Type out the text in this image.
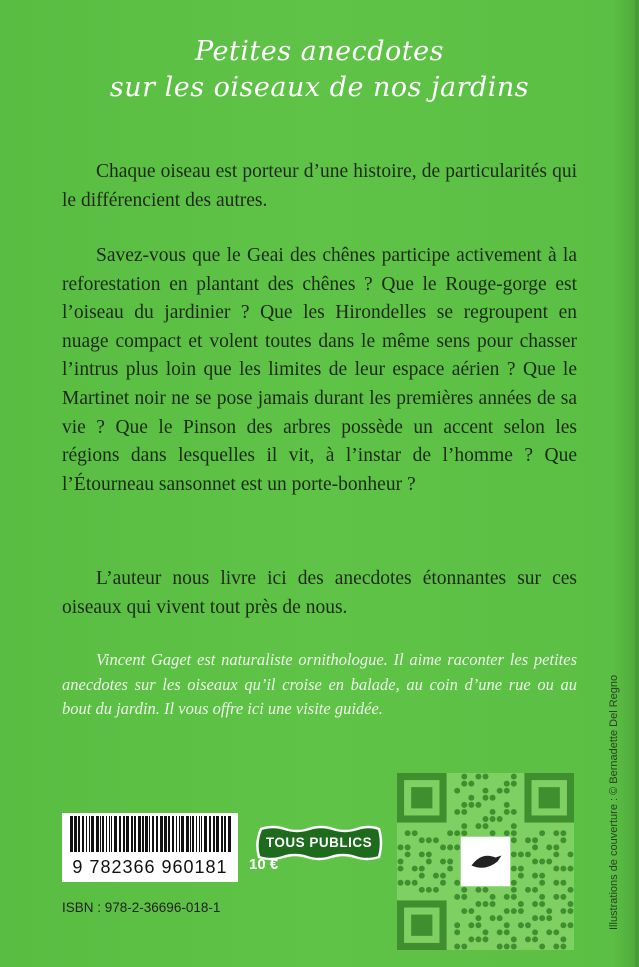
Petites anecdotes
sur les oiseaux de nos jardins

Chaque oiseau est porteur d’une histoire, de particularités qui le différencient des autres.

Savez-vous que le Geai des chênes participe activement à la reforestation en plantant des chênes ? Que le Rouge-gorge est l’oiseau du jardinier ? Que les Hirondelles se regroupent en nuage compact et volent toutes dans le même sens pour chasser l’intrus plus loin que les limites de leur espace aérien ? Que le Martinet noir ne se pose jamais durant les premières années de sa vie ? Que le Pinson des arbres possède un accent selon les régions dans lesquelles il vit, à l’instar de l’homme ? Que l’Étourneau sansonnet est un porte-bonheur ?

L’auteur nous livre ici des anecdotes étonnantes sur ces oiseaux qui vivent tout près de nous.

Vincent Gaget est naturaliste ornithologue. Il aime raconter les petites anecdotes sur les oiseaux qu’il croise en balade, au coin d’une rue ou au bout du jardin. Il vous offre ici une visite guidée.

9 782366 960181
TOUS PUBLICS
10 €
ISBN : 978-2-36696-018-1	Illustrations de couverture : © Bernadette Del Regno
